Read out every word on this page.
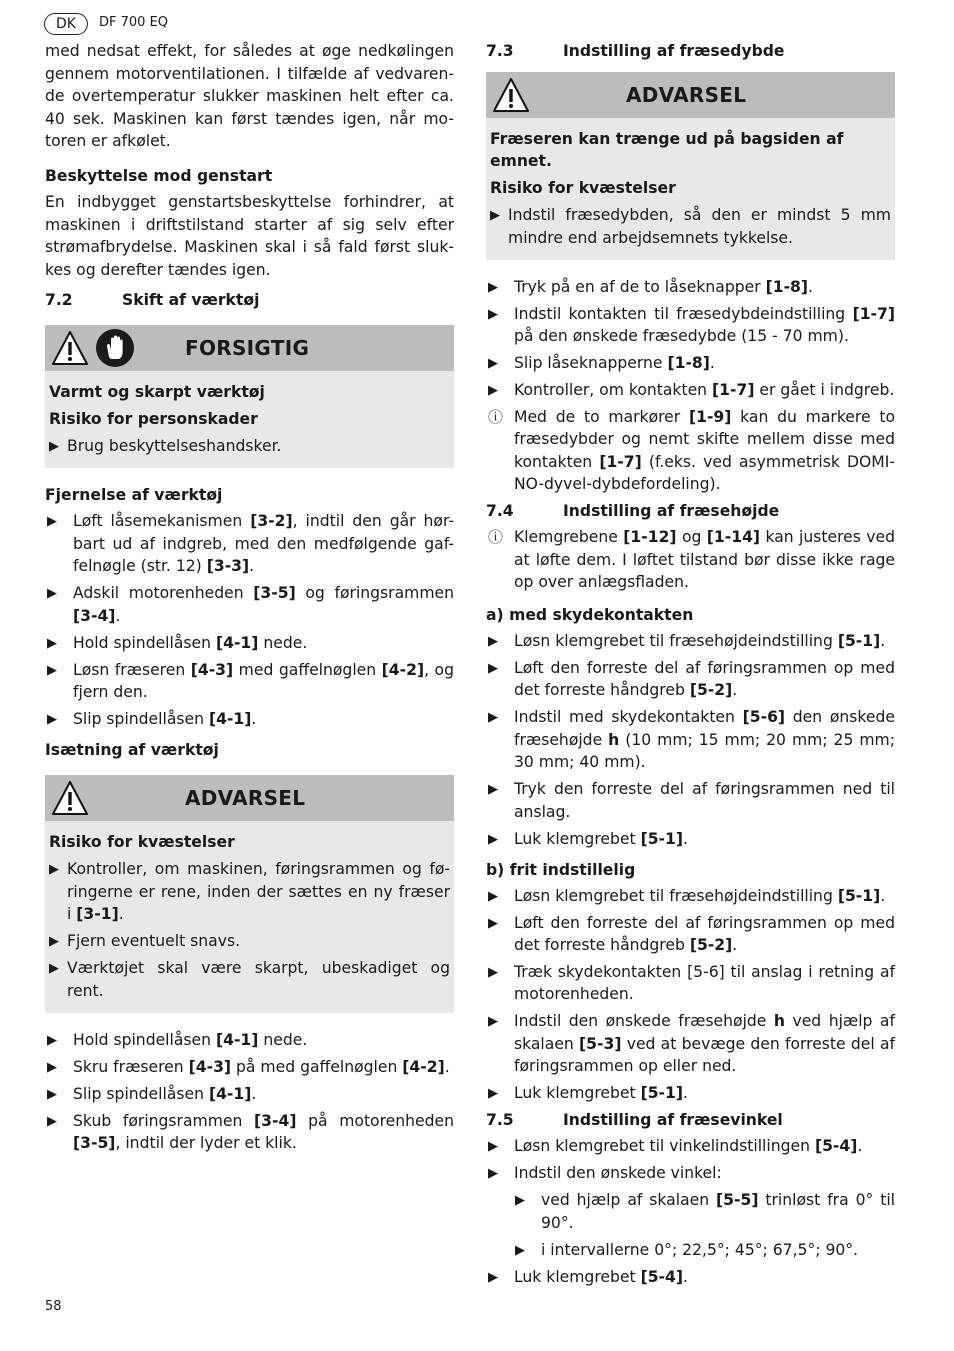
DK	DF 700 EQ

med nedsat effekt, for således at øge nedkølingen gennem motorventilationen. I tilfælde af vedvaren-de overtemperatur slukker maskinen helt efter ca. 40 sek. Maskinen kan først tændes igen, når mo-toren er afkølet.

Beskyttelse mod genstart

En indbygget genstartsbeskyttelse forhindrer, at maskinen i driftstilstand starter af sig selv efter strømafbrydelse. Maskinen skal i så fald først sluk-kes og derefter tændes igen.

7.2	Skift af værktøj

FORSIGTIG

Varmt og skarpt værktøj

Risiko for personskader

▶ Brug beskyttelseshandsker.

Fjernelse af værktøj

▶ Løft låsemekanismen [3-2], indtil den går hør-bart ud af indgreb, med den medfølgende gaf-felnøgle (str. 12) [3-3].
▶ Adskil motorenheden [3-5] og føringsrammen [3-4].
▶ Hold spindellåsen [4-1] nede.
▶ Løsn fræseren [4-3] med gaffelnøglen [4-2], og fjern den.
▶ Slip spindellåsen [4-1].

Isætning af værktøj

ADVARSEL

Risiko for kvæstelser

▶ Kontroller, om maskinen, føringsrammen og fø-ringerne er rene, inden der sættes en ny fræser i [3-1].
▶ Fjern eventuelt snavs.
▶ Værktøjet skal være skarpt, ubeskadiget og rent.
▶ Hold spindellåsen [4-1] nede.
▶ Skru fræseren [4-3] på med gaffelnøglen [4-2].
▶ Slip spindellåsen [4-1].
▶ Skub føringsrammen [3-4] på motorenheden [3-5], indtil der lyder et klik.

7.3	Indstilling af fræsedybde

ADVARSEL

Fræseren kan trænge ud på bagsiden af emnet.

Risiko for kvæstelser

▶ Indstil fræsedybden, så den er mindst 5 mm mindre end arbejdsemnets tykkelse.
▶ Tryk på en af de to låseknapper [1-8].
▶ Indstil kontakten til fræsedybdeindstilling [1-7] på den ønskede fræsedybde (15 - 70 mm).
▶ Slip låseknapperne [1-8].
▶ Kontroller, om kontakten [1-7] er gået i indgreb.
ⓘ Med de to markører [1-9] kan du markere to fræsedybder og nemt skifte mellem disse med kontakten [1-7] (f.eks. ved asymmetrisk DOMI-NO-dyvel-dybdefordeling).

7.4	Indstilling af fræsehøjde

ⓘ Klemgrebene [1-12] og [1-14] kan justeres ved at løfte dem. I løftet tilstand bør disse ikke rage op over anlægsfladen.

a) med skydekontakten

▶ Løsn klemgrebet til fræsehøjdeindstilling [5-1].
▶ Løft den forreste del af føringsrammen op med det forreste håndgreb [5-2].
▶ Indstil med skydekontakten [5-6] den ønskede fræsehøjde h (10 mm; 15 mm; 20 mm; 25 mm; 30 mm; 40 mm).
▶ Tryk den forreste del af føringsrammen ned til anslag.
▶ Luk klemgrebet [5-1].

b) frit indstillelig

▶ Løsn klemgrebet til fræsehøjdeindstilling [5-1].
▶ Løft den forreste del af føringsrammen op med det forreste håndgreb [5-2].
▶ Træk skydekontakten [5-6] til anslag i retning af motorenheden.
▶ Indstil den ønskede fræsehøjde h ved hjælp af skalaen [5-3] ved at bevæge den forreste del af føringsrammen op eller ned.
▶ Luk klemgrebet [5-1].

7.5	Indstilling af fræsevinkel

▶ Løsn klemgrebet til vinkelindstillingen [5-4].
▶ Indstil den ønskede vinkel:
▶ ved hjælp af skalaen [5-5] trinløst fra 0° til 90°.
▶ i intervallerne 0°; 22,5°; 45°; 67,5°; 90°.
▶ Luk klemgrebet [5-4].
58
